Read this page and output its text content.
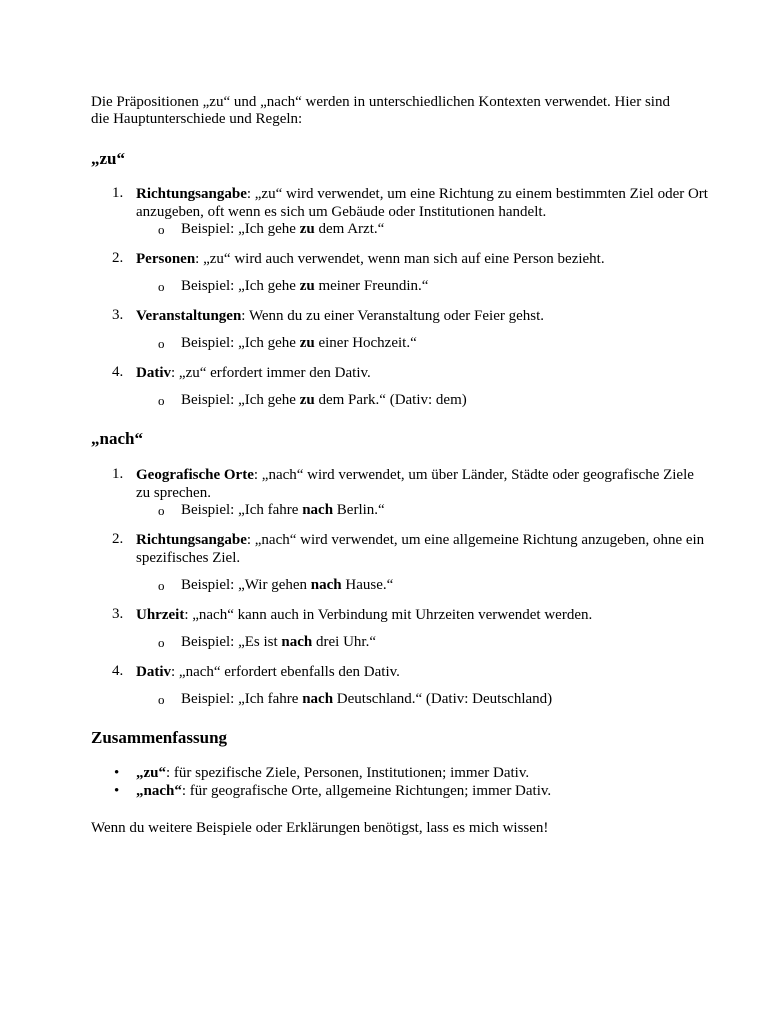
Die Präpositionen „zu“ und „nach“ werden in unterschiedlichen Kontexten verwendet. Hier sind die Hauptunterschiede und Regeln:
„zu“
1. Richtungsangabe: „zu“ wird verwendet, um eine Richtung zu einem bestimmten Ziel oder Ort anzugeben, oft wenn es sich um Gebäude oder Institutionen handelt.
o Beispiel: „Ich gehe zu dem Arzt.“
2. Personen: „zu“ wird auch verwendet, wenn man sich auf eine Person bezieht.
o Beispiel: „Ich gehe zu meiner Freundin.“
3. Veranstaltungen: Wenn du zu einer Veranstaltung oder Feier gehst.
o Beispiel: „Ich gehe zu einer Hochzeit.“
4. Dativ: „zu“ erfordert immer den Dativ.
o Beispiel: „Ich gehe zu dem Park.“ (Dativ: dem)
„nach“
1. Geografische Orte: „nach“ wird verwendet, um über Länder, Städte oder geografische Ziele zu sprechen.
o Beispiel: „Ich fahre nach Berlin.“
2. Richtungsangabe: „nach“ wird verwendet, um eine allgemeine Richtung anzugeben, ohne ein spezifisches Ziel.
o Beispiel: „Wir gehen nach Hause.“
3. Uhrzeit: „nach“ kann auch in Verbindung mit Uhrzeiten verwendet werden.
o Beispiel: „Es ist nach drei Uhr.“
4. Dativ: „nach“ erfordert ebenfalls den Dativ.
o Beispiel: „Ich fahre nach Deutschland.“ (Dativ: Deutschland)
Zusammenfassung
• „zu“: für spezifische Ziele, Personen, Institutionen; immer Dativ.
• „nach“: für geografische Orte, allgemeine Richtungen; immer Dativ.
Wenn du weitere Beispiele oder Erklärungen benötigst, lass es mich wissen!
